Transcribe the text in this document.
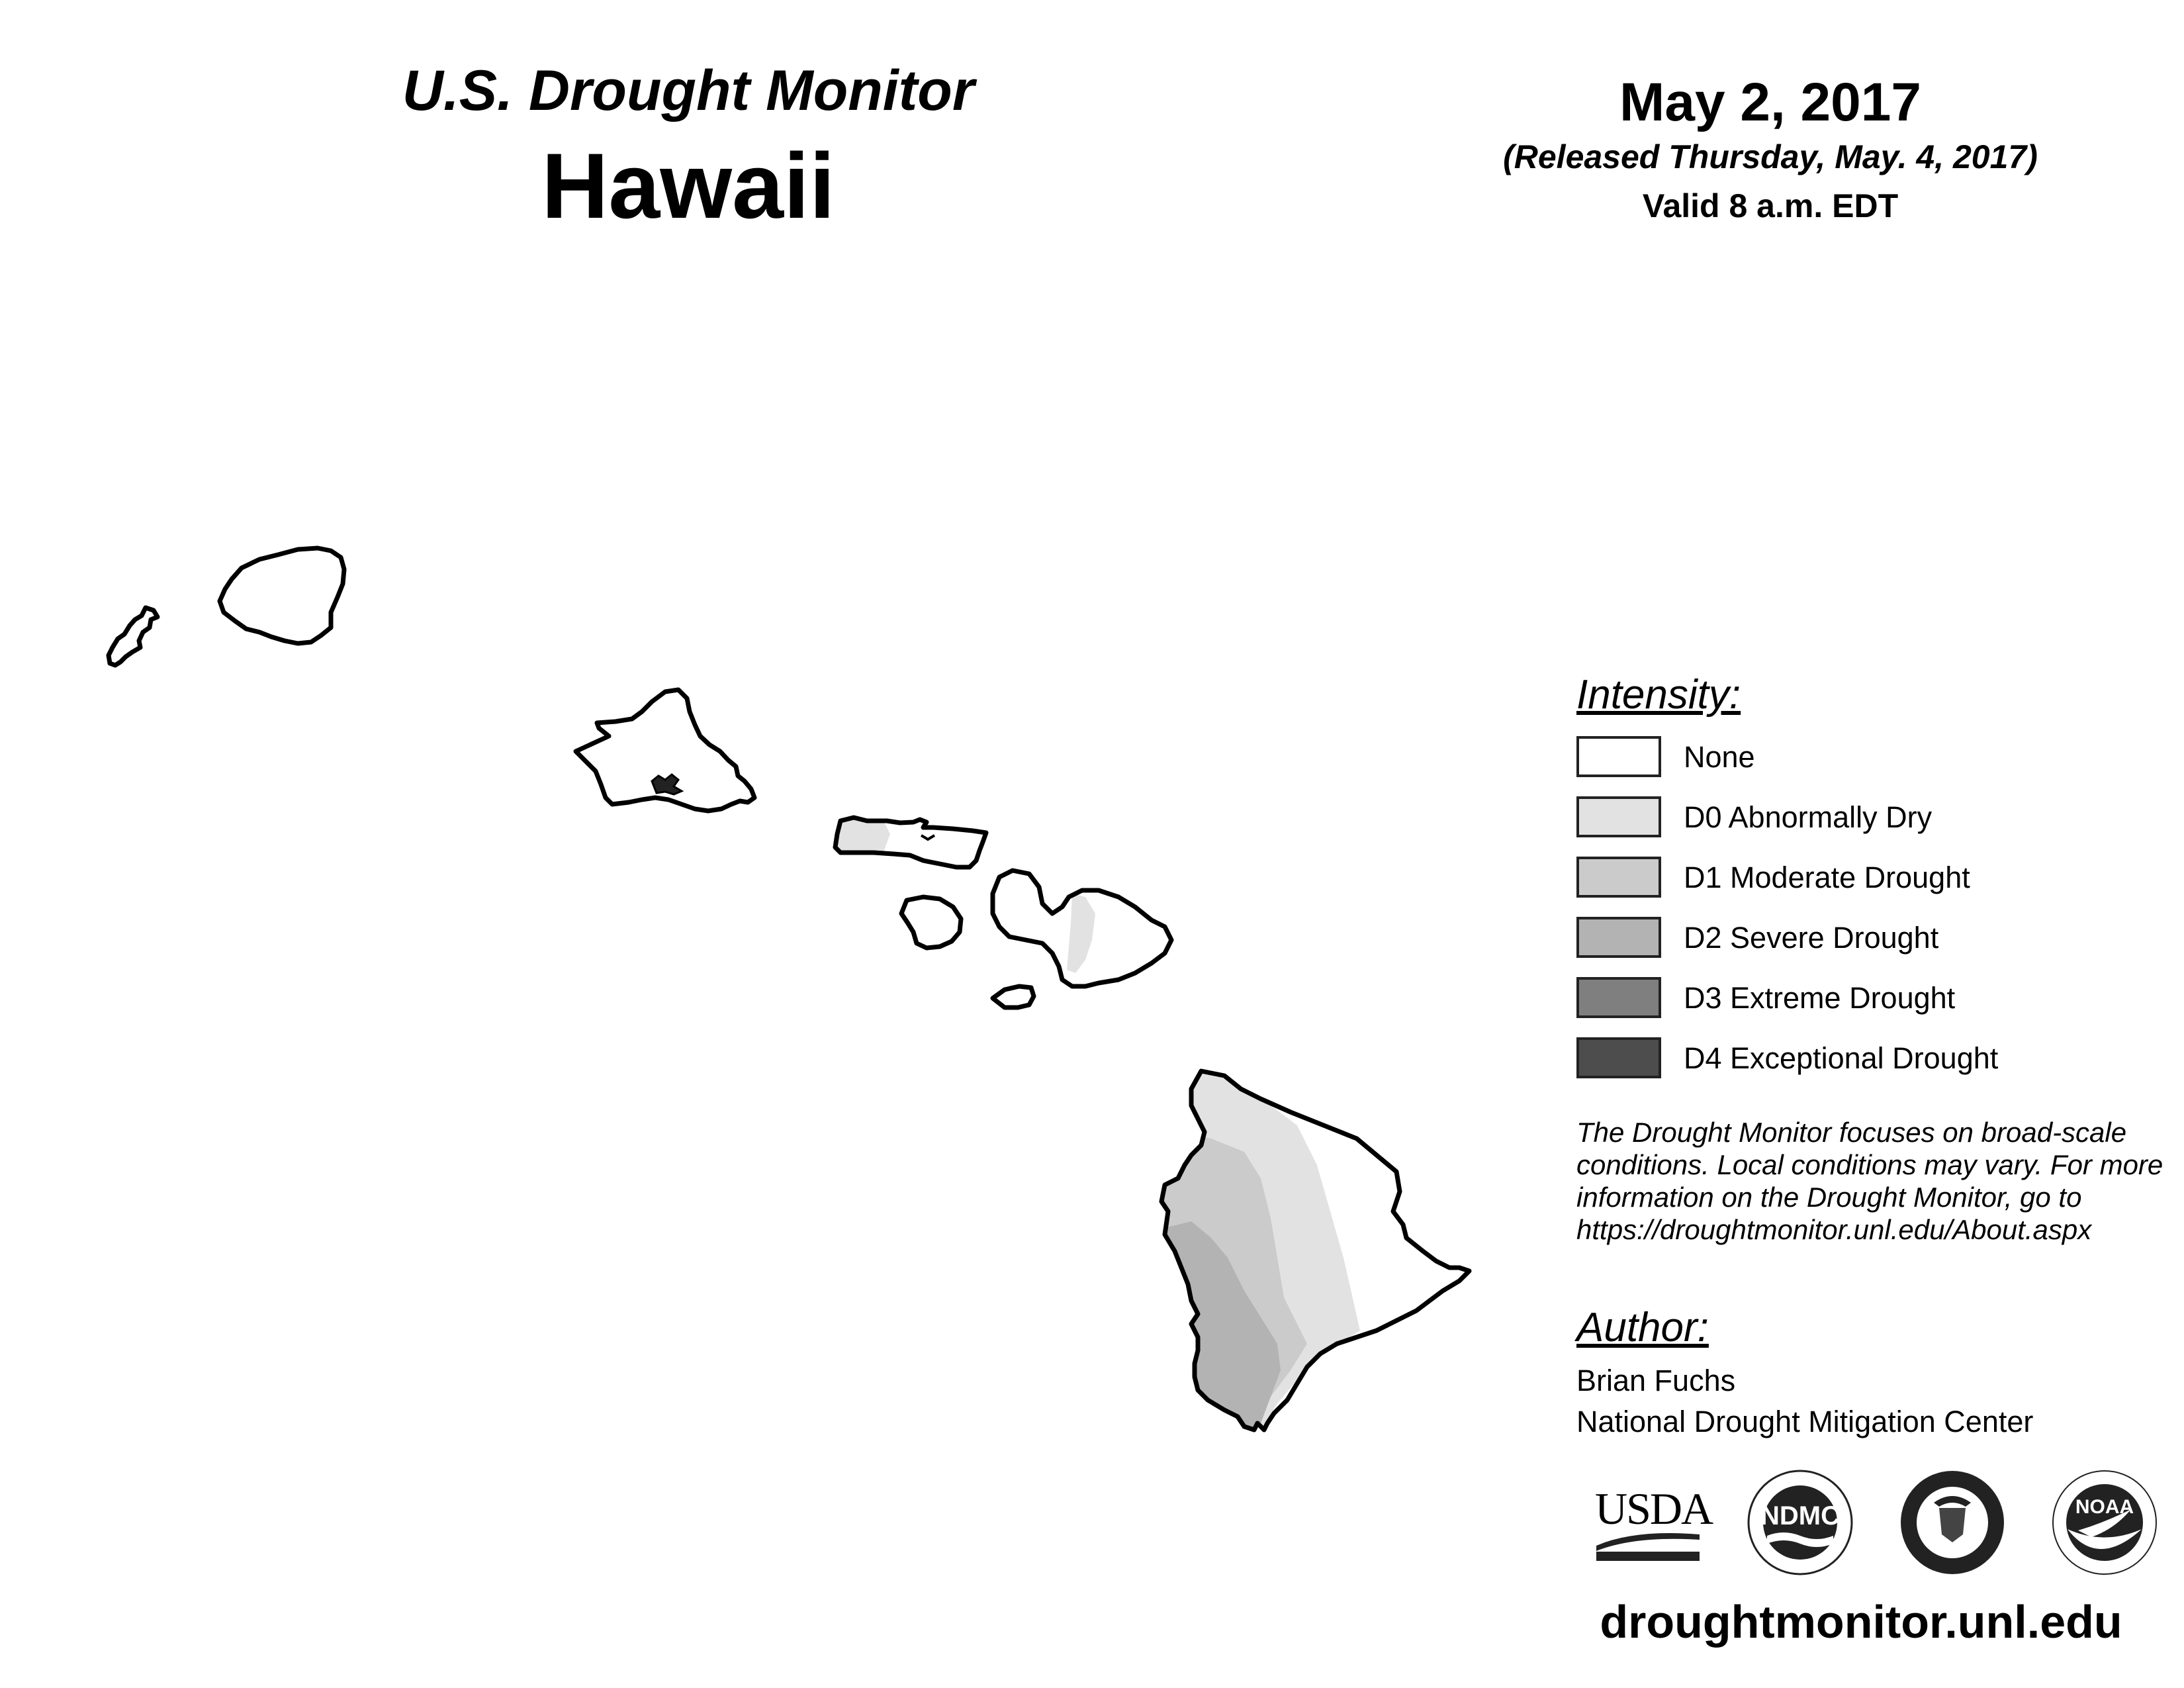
U.S. Drought Monitor
Hawaii
May 2, 2017
(Released Thursday, May. 4, 2017)
Valid 8 a.m. EDT
Intensity:
None
D0 Abnormally Dry
D1 Moderate Drought
D2 Severe Drought
D3 Extreme Drought
D4 Exceptional Drought
The Drought Monitor focuses on broad-scale
conditions. Local conditions may vary. For more
information on the Drought Monitor, go to
https://droughtmonitor.unl.edu/About.aspx
Author:
Brian Fuchs
National Drought Mitigation Center
USDA	NDMC	NOAA
droughtmonitor.unl.edu
